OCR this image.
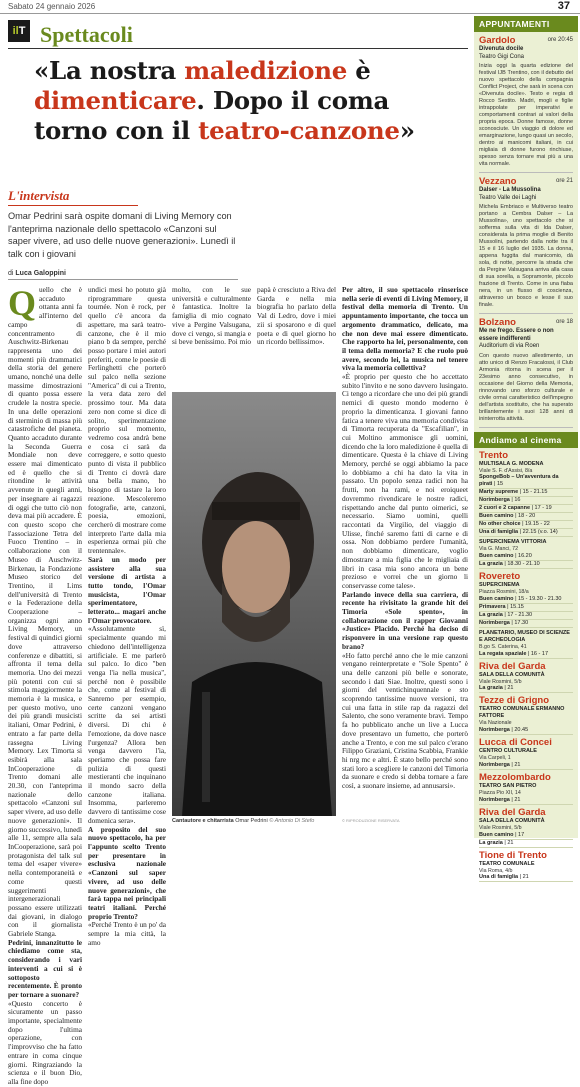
Sabato 24 gennaio 2026	37
ilT Spettacoli
«La nostra maledizione è dimenticare. Dopo il coma torno con il teatro-canzone»
L'intervista
Omar Pedrini sarà ospite domani di Living Memory con l'anteprima nazionale dello spettacolo «Canzoni sul saper vivere, ad uso delle nuove generazioni». Lunedì il talk con i giovani
di Luca Galoppini
Q uello che è accaduto ottanta anni fa all'interno del campo di concentramento di Auschwitz-Birkenau rappresenta uno dei momenti più drammatici della storia del genere umano, nonché una delle massime dimostrazioni di quanto possa essere crudele la nostra specie. In una delle operazioni di sterminio di massa più catastrofiche del pianeta. Quanto accaduto durante la Seconda Guerra Mondiale non deve essere mai dimenticato ed è quello che si ritondine le attività avvenute in quegli anni, per insegnare ai ragazzi di oggi che tutto ciò non deva mai più accadere. È con questo scopo che l'associazione Tetra del Fuoco Trentino – in collaborazione con il Museo di Auschwitz-Birkenau, la Fondazione Museo storico del Trentino, il Lims dell'università di Trento e la Federazione della Cooperazione – organizza ogni anno Living Memory, un festival di quindici giorni dove attraverso conferenze e dibattiti, si affronta il tema della memoria. Uno dei mezzi più potenti con cui si stimola maggiormente la memoria è la musica, e per questo motivo, uno dei più grandi musicisti italiani, Omar Pedrini, è entrato a far parte della rassegna Living Memory. Lex Timorta si esibirà alla sala InCooperazione di Trento domani alle 20.30, con l'anteprima nazionale dello spettacolo «Canzoni sul saper vivere, ad uso delle nuove generazioni». Il giorno successivo, lunedì alle 11, sempre alla sala InCooperazione, sarà poi protagonista del talk sul tema del «saper vivere» nella contemporaneità e come questi suggerimenti intergenerazionali possano essere utilizzati dai giovani, in dialogo con il giornalista Gabriele Stanga.

Pedrini, innanzitutto le chiediamo come sta, considerando i vari interventi a cui si è sottoposto recentemente. È pronto per tornare a suonare?

«Questo concerto è sicuramente un passo importante, specialmente dopo l'ultima operazione, con l'improvviso che ha fatto entrare in coma cinque giorni. Ringraziando la scienza e il buon Dio, alla fine dopo

undici mesi ho potuto già riprogrammare questa tournée. Non è rock, per quello c'è ancora da aspettare, ma sarà teatro-canzone, che è il mio piano b da sempre, perché posso portare i miei autori preferiti, come le poesie di Ferlinghetti che porterò sul palco nella sezione "America" di cui a Trento, la vera data zero del prossimo tour. Ma data zero non come si dice di solito, sperimentazione proprio sul momento, vedremo cosa andrà bene e cosa ci sarà da correggere, e sotto questo punto di vista il pubblico di Trento ci dovrà dare una bella mano, ho bisogno di tastare la loro reazione. Mescoleremo fotografie, arte, canzoni, poesia, emozioni, cercherò di mostrare come interpreto l'arte dalla mia esperienza ormai più che trentennale».

Sarà un modo per assistere alla sua versione di artista a tutto tondo, l'Omar musicista, l'Omar sperimentatore, letterato... magari anche l'Omar provocatore.

«Assolutamente sì, specialmente quando mi chiedono dell'intelligenza artificiale. E me parlerò sul palco. Io dico "ben venga l'ia nella musica", perché non è possibile che, come al festival di Sanremo per esempio, certe canzoni vengano scritte da sei artisti diversi. Di chi è l'emozione, da dove nasce l'urgenza? Allora ben venga davvero l'ia, speriamo che possa fare pulizia di questi mestieranti che inquinano il mondo sacro della canzone italiana. Insomma, parleremo davvero di tantissime cose domenica sera».

A proposito del suo nuovo spettacolo, ha per l'appunto scelto Trento per presentare in esclusiva nazionale «Canzoni sul saper vivere, ad uso delle nuove generazioni», che farà tappa nei principali teatri italiani. Perché proprio Trento?

«Perché Trento è un po' da sempre la mia città, la amo

molto, con le sue università e culturalmente è fantastica. Inoltre la famiglia di mio cognato vive a Pergine Valsugana, dove ci vengo, si mangia e si beve benissimo. Poi mio papà è cresciuto a Riva del Garda e nella mia biografia ho parlato della Val di Ledro, dove i miei zii si sposarono e di quel poeta e di quel giorno ho un ricordo bellissimo».

Cantautore e chitarrista Omar Pedrini © Antonio Di Stefo

Per altro, il suo spettacolo rinserisce nella serie di eventi di Living Memory, il festival della memoria di Trento. Un appuntamento importante, che tocca un argomento drammatico, delicato, ma che non deve mai essere dimenticato. Che rapporto ha lei, personalmente, con il tema della memoria? E che ruolo può avere, secondo lei, la musica nel tenere viva la memoria collettiva?

«È proprio per questo che ho accettato subito l'invito e ne sono davvero lusingato. Ci tengo a ricordare che uno dei più grandi nemici di questo mondo moderno è proprio la dimenticanza. I giovani fanno fatica a tenere viva una memoria condivisa di Timorta recuperata da "Escafilian", in cui Moltino ammonisce gli uomini, dicendo che la loro maledizione è quella di dimenticare. Questa è la chiave di Living Memory, perché se oggi abbiamo la pace lo dobbiamo a chi ha dato la vita in passato. Un popolo senza radici non ha frutti, non ha rami, e noi eroiqueet dovremmo rivendicare le nostre radici, rispettando anche dal punto oimerici, se necessario. Siamo uomini, quelli raccontati da Virgilio, del viaggio di Ulisse, finché saremo fatti di carne e di ossa. Non dobbiamo perdere l'umanità, non dobbiamo dimenticare, voglio dimostrare a mia figlia che le migliaia di libri in casa mia sono ancora un bene prezioso e vorrei che un giorno li conservasse come tales».

Parlando invece della sua carriera, di recente ha rivisitato la grande hit dei Timoria «Sole spento», in collaborazione con il rapper Giovanni «Justice» Placido. Perché ha deciso di risponvere in una versione rap questo brano?

«Ho fatto perché anno che le mie canzoni vengano reinterpretate e "Sole Spento" è una delle canzoni più belle e sonorate, secondo i dati Siae. Inoltre, questi sono i giorni del ventichinquennale e sto scoprendo tantissime nuove versioni, tra cui una fatta in stile rap da ragazzi del Salento, che sono veramente bravi. Tempo fa ho pubblicato anche un live a Lucca dove presentavo un fumetto, che porterò anche a Trento, e con me sul palco c'erano Filippo Graziani, Cristina Scabbia, Frankie hi nrg mc e altri. È stato bello perché sono stati loro a scegliere le canzoni del Timoria da suonare e credo si debba tornare a fare così, a suonare insieme, ad annusarsi».

© RIPRODUZIONE RISERVATA
APPUNTAMENTI
Gardolo	ore 20:45
Divenuta docile
Teatro Gigi Cona
Inizia oggi la quarta edizione del festival IJB Trentino, con il debutto del nuovo spettacolo della compagnia Conflict Project, che sarà in scena con «Divenuta docile». Testo e regia di Rocco Sestito. Madri, mogli e figlie intrappolate per imperativi e comportamenti contrari ai valori della propria epoca. Donne famose, donne sconosciute. Un viaggio di dolore ed emarginazione, lungo quasi un secolo, dentro ai manicomi italiani, in cui migliaia di donne furono rinchiuse, spesso senza tornare mai più a una vita normale.
Vezzano	ore 21
Dalser - La Mussolina
Teatro Valle dei Laghi
Michela Embriaco e Multiverso teatro portano a Cembra Dalser – La Mussolina», uno spettacolo che si sofferma sulla vita di Ida Dalser, considerata la prima moglie di Benito Mussolini, partendo dalla notte tra il 15 e il 16 luglio del 1935. La donna, appena fuggita dal manicomio, dà sola, di notte, percorre la strada che da Pergine Valsugana arriva alla casa di sua sorella, a Sopramonte, piccolo frazione di Trento. Come in una fiaba nera, in un flusso di coscienza, attraverso un bosco e lesse il suo finale.
Bolzano	ore 18
Me ne frego. Essere o non essere indifferenti
Auditorium di via Roen
Con questo nuovo allestimento, un atto unico di Renzo Fracalossi, il Club Armonia ritorna in scena per il 23esimo anno consecutivo, in occasione del Giorno della Memoria, rinnovando uno sforzo culturale e civile ormai caratteristico dell'impegno dell'artista sostituito, che ha superato brillantemente i suoi 128 anni di ininterrotta attività.
Andiamo al cinema
Trento
MULTISALA G. MODENA
Viale S. F. d'Assisi, 8/a
SpongeBob – Un'avventura da pirati | 15
Marty supreme | 15 - 21.15
Norimberga | 16
2 cuori e 2 capanne | 17 - 19
Buen camino | 18 - 20
No other choice | 19.15 - 22
Una di famiglia | 22.15 (v.o. 14)
SUPERCINEMA VITTORIA
Via G. Manci, 72
Buen camino | 16.20
La grazia | 18.30 - 21.10
Rovereto
SUPERCINEMA
Piazza Rosmini, 18/a
Buen camino | 15 - 19.30 - 21.30
Primavera | 15.15
La grazia | 17 - 21.30
Norimberga | 17.30
PLANETARIO, MUSEO DI SCIENZE E ARCHEOLOGIA
B.go S. Caterina, 41
La regata spaziale | 16 - 17
Riva del Garda
SALA DELLA COMUNITÀ
Viale Rosmini, 5/b
La grazia | 21
Tezze di Grigno
TEATRO COMUNALE ERMANNO FATTORE
Via Nazionale
Norimberga | 20.45
Lucca di Concei
CENTRO CULTURALE
Via Carpeli, 1
Norimberga | 21
Mezzolombardo
TEATRO SAN PIETRO
Piazza Pio XII, 14
Norimberga | 21
Riva del Garda
SALA DELLA COMUNITÀ
Viale Rosmini, 5/b
Buen camino | 17
La grazia | 21
Tione di Trento
TEATRO COMUNALE
Via Roma, 4/b
Una di famiglia | 21
